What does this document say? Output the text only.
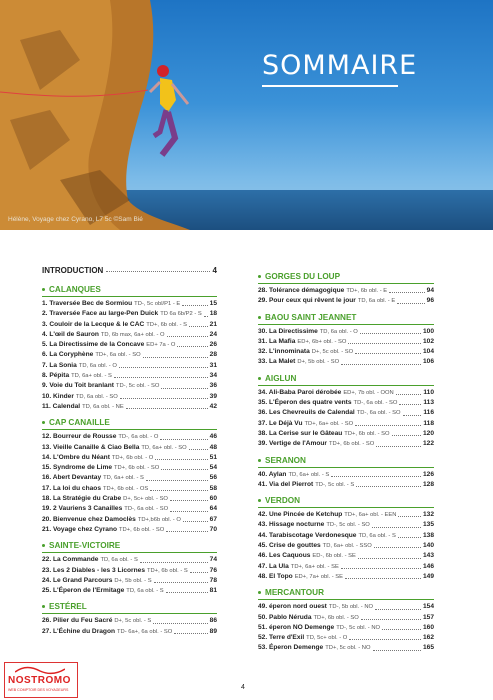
SOMMAIRE
Hélène, Voyage chez Cyrano, L7 5c ©Sam Bié
INTRODUCTION	4
CALANQUES
1. Traversée Bec de Sormiou TD-, 5c obl/P1 - E	15
2. Traversée Face au large-Pen Duick TD 6a 6b/P2 - S 18
3. Couloir de la Lecque & le CAC TD+, 6b obl. - S	21
4. L'œil de Sauron TD, 6b max, 6a+ obl. - O	24
5. La Directissime de la Concave ED+ 7a - O	26
6. La Coryphène TD+, 6a obl. - SO	28
7. La Sonia TD, 6a obl. - O	31
8. Pépita TD, 6a+ obl. - S	34
9. Voie du Toit branlant TD-, 5c obl. - SO	36
10. Kinder TD, 6a obl. - SO	39
11. Calendal TD, 6a obl. - NE	42
CAP CANAILLE
12. Bourreur de Rousse TD-, 6a obl. - O	46
13. Vieille Canaille & Ciao Bella TD, 6a+ obl. - SO	48
14. L'Ombre du Néant TD+, 6b obl. - O	51
15. Syndrome de Lime TD+, 6b obl. - SO	54
16. Abert Devantay TD, 6a+ obl. - S	56
17. La loi du chaos TD+, 6b obl. - OS	58
18. La Stratégie du Crabe D+, 5c+ obl. - SO	60
19. 2 Vauriens 3 Canailles TD-, 6a obl. - SO	64
20. Bienvenue chez Damoclès TD+,b6b obl. - O	67
21. Voyage chez Cyrano TD+, 6b obl. - SO	70
SAINTE-VICTOIRE
22. La Commande TD, 6a obl. - S	74
23. Les 2 Diables - les 3 Licornes TD+, 6b obl. - S	76
24. Le Grand Parcours D+, 5b obl. - S	78
25. L'Éperon de l'Ermitage TD, 6a obl. - S	81
ESTÉREL
26. Pilier du Feu Sacré D+, 5c obl. - S	86
27. L'Échine du Dragon TD- 6a+, 6a obl. - SO	89
GORGES DU LOUP
28. Tolérance démagogique TD+, 6b obl. - E	94
29. Pour ceux qui rêvent le jour TD, 6a obl. - E	96
BAOU SAINT JEANNET
30. La Directissime TD, 6a obl. - O	100
31. La Mafia ED+, 6b+ obl. - SO	102
32. L'innominata D+, 5c obl. - SO	104
33. La Malet D+, 5b obl. - SO	106
AIGLUN
34. Ali-Baba Paroi dérobée ED+, 7b obl. - OON	110
35. L'Éperon des quatre vents TD-, 6a obl. - SO	113
36. Les Chevreuils de Calendal TD-, 6a obl. - SO	116
37. Le Déjà Vu TD+, 6a+ obl. - SO	118
38. La Cerise sur le Gâteau TD+, 6b obl. - SO	120
39. Vertige de l'Amour TD+, 6b obl. - SO	122
SERANON
40. Aylan TD, 6a+ obl. - S	126
41. Via del Pierrot TD-, 5c obl. - S	128
VERDON
42. Une Pincée de Ketchup TD+, 6a+ obl. - EEN	132
43. Hissage nocturne TD-, 5c obl. - SO	135
44. Tarabiscotage Verdonesque TD, 6a obl. - S	138
45. Crise de gouttes TD, 6a+ obl. - SSO	140
46. Les Caquous ED-, 6b obl. - SE	143
47. La Ula TD+, 6a+ obl. - SE	146
48. El Topo ED+, 7a+ obl. - SE	149
MERCANTOUR
49. éperon nord ouest TD-, 5b obl. - NO	154
50. Pablo Néruda TD+, 6b obl. - SO	157
51. éperon NO Demenge TD-, 5c obl. - NO	160
52. Terre d'Exil TD, 5c+ obl. - O	162
53. Éperon Demenge TD+, 5c obl. - NO	165
4
NOSTROMO
WEB COMPTOIR DES VOYAGEURS
